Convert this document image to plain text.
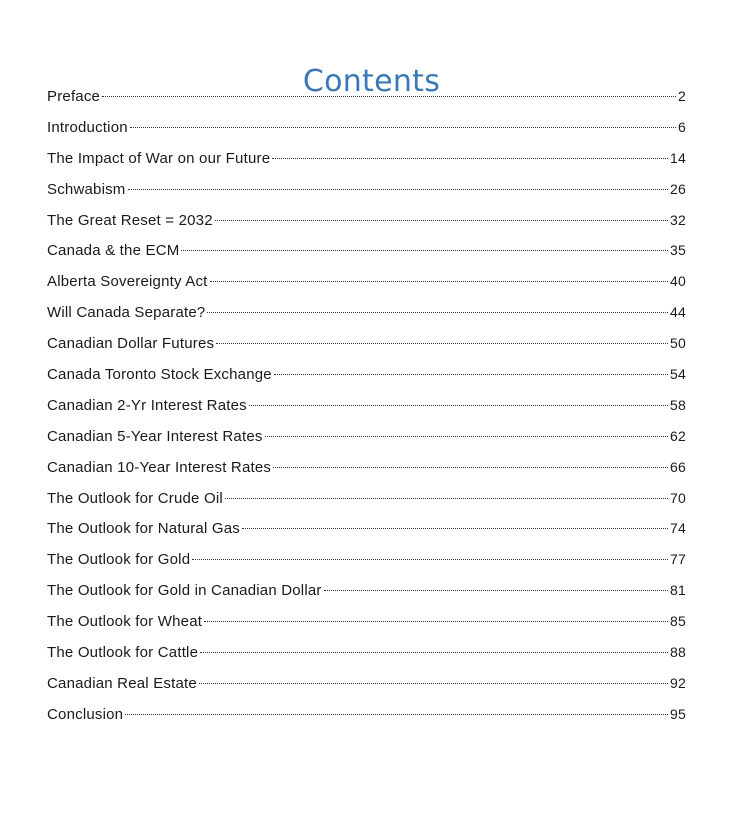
Contents
Preface	2
Introduction	6
The Impact of War on our Future	14
Schwabism	26
The Great Reset = 2032	32
Canada & the ECM	35
Alberta Sovereignty Act	40
Will Canada Separate?	44
Canadian Dollar Futures	50
Canada Toronto Stock Exchange	54
Canadian 2-Yr Interest Rates	58
Canadian 5-Year Interest Rates	62
Canadian 10-Year Interest Rates	66
The Outlook for Crude Oil	70
The Outlook for Natural Gas	74
The Outlook for Gold	77
The Outlook for Gold in Canadian Dollar	81
The Outlook for Wheat	85
The Outlook for Cattle	88
Canadian Real Estate	92
Conclusion	95
